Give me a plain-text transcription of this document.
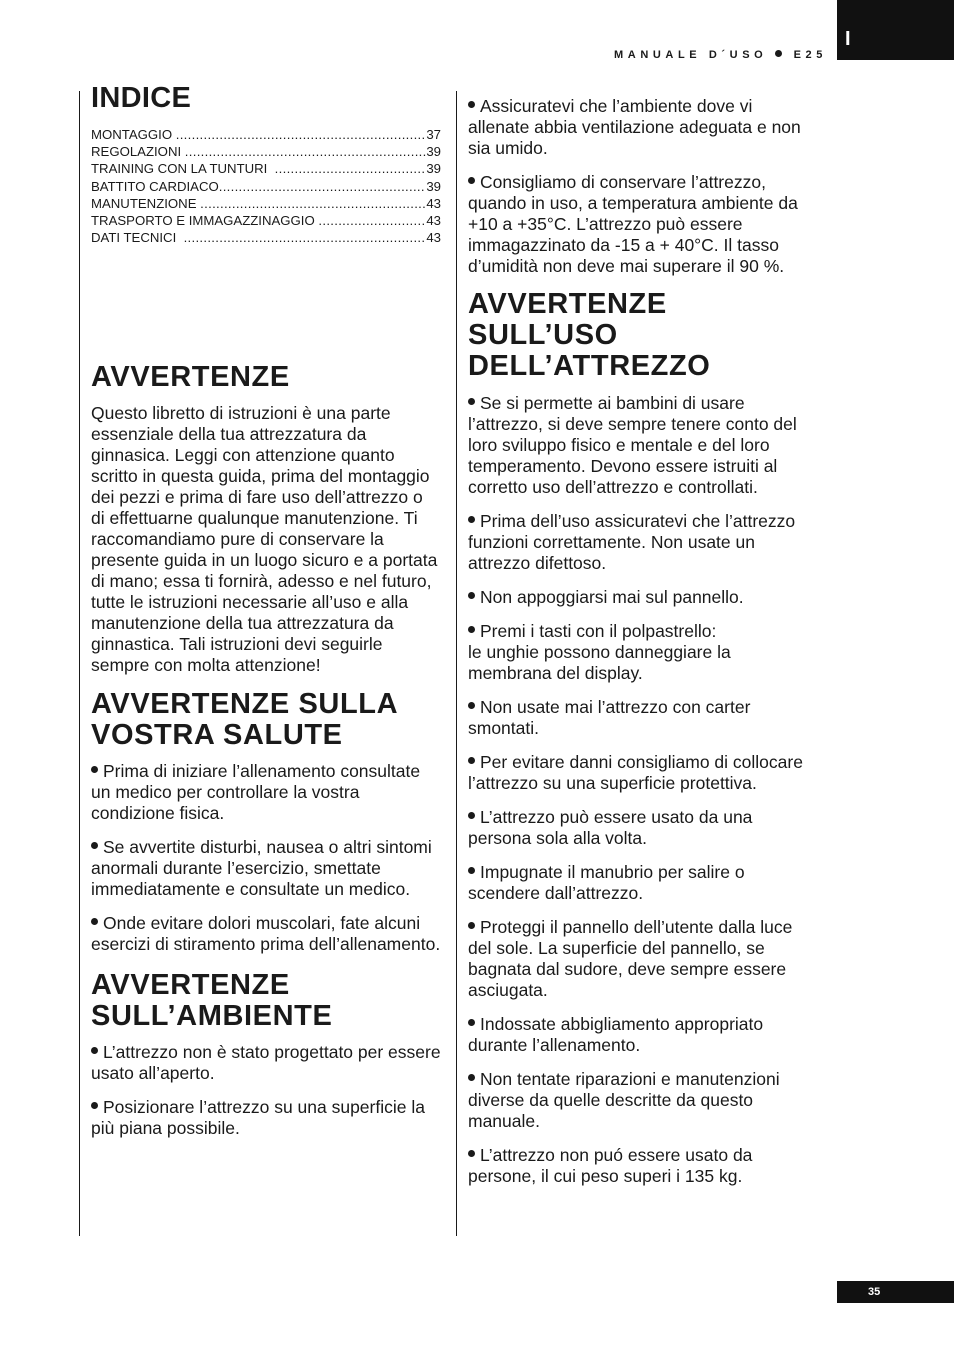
I
MANUALE D´USO E25
INDICE
MONTAGGIO .....	37
REGOLAZIONI .....	39
TRAINING CON LA TUNTURI .....	39
BATTITO CARDIACO .....	39
MANUTENZIONE .....	43
TRASPORTO E IMMAGAZZINAGGIO .....	43
DATI TECNICI .....	43
AVVERTENZE

Questo libretto di istruzioni è una parte essenziale della tua attrezzatura da ginnasica. Leggi con attenzione quanto scritto in questa guida, prima del montaggio dei pezzi e prima di fare uso dell’attrezzo o di effettuarne qualunque manutenzione. Ti raccomandiamo pure di conservare la presente guida in un luogo sicuro e a portata di mano; essa ti fornirà, adesso e nel futuro, tutte le istruzioni necessarie all’uso e alla manutenzione della tua attrezzatura da ginnastica. Tali istruzioni devi seguirle sempre con molta attenzione!

AVVERTENZE SULLA
VOSTRA SALUTE

Prima di iniziare l’allenamento consultate un medico per controllare la vostra condizione fisica.

Se avvertite disturbi, nausea o altri sintomi anormali durante l’esercizio, smettate immediatamente e consultate un medico.

Onde evitare dolori muscolari, fate alcuni esercizi di stiramento prima dell’allenamento.

AVVERTENZE
SULL’AMBIENTE

L’attrezzo non è stato progettato per essere usato all’aperto.

Posizionare l’attrezzo su una superficie la più piana possibile.

Assicuratevi che l’ambiente dove vi allenate abbia ventilazione adeguata e non sia umido.

Consigliamo di conservare l’attrezzo, quando in uso, a temperatura ambiente da +10 a +35°C. L’attrezzo può essere immagazzinato da -15 a + 40°C. Il tasso d’umidità non deve mai superare il 90 %.

AVVERTENZE
SULL’USO
DELL’ATTREZZO

Se si permette ai bambini di usare l’attrezzo, si deve sempre tenere conto del loro sviluppo fisico e mentale e del loro temperamento. Devono essere istruiti al corretto uso dell’attrezzo e controllati.

Prima dell’uso assicuratevi che l’attrezzo funzioni correttamente. Non usate un attrezzo difettoso.

Non appoggiarsi mai sul pannello.

Premi i tasti con il polpastrello:
le unghie possono danneggiare la membrana del display.

Non usate mai l’attrezzo con carter smontati.

Per evitare danni consigliamo di collocare l’attrezzo su una superficie protettiva.

L’attrezzo può essere usato da una persona sola alla volta.

Impugnate il manubrio per salire o scendere dall’attrezzo.

Proteggi il pannello dell’utente dalla luce del sole. La superficie del pannello, se bagnata dal sudore, deve sempre essere asciugata.

Indossate abbigliamento appropriato durante l’allenamento.

Non tentate riparazioni e manutenzioni diverse da quelle descritte da questo manuale.

L’attrezzo non puó essere usato da persone, il cui peso superi i 135 kg.

35
